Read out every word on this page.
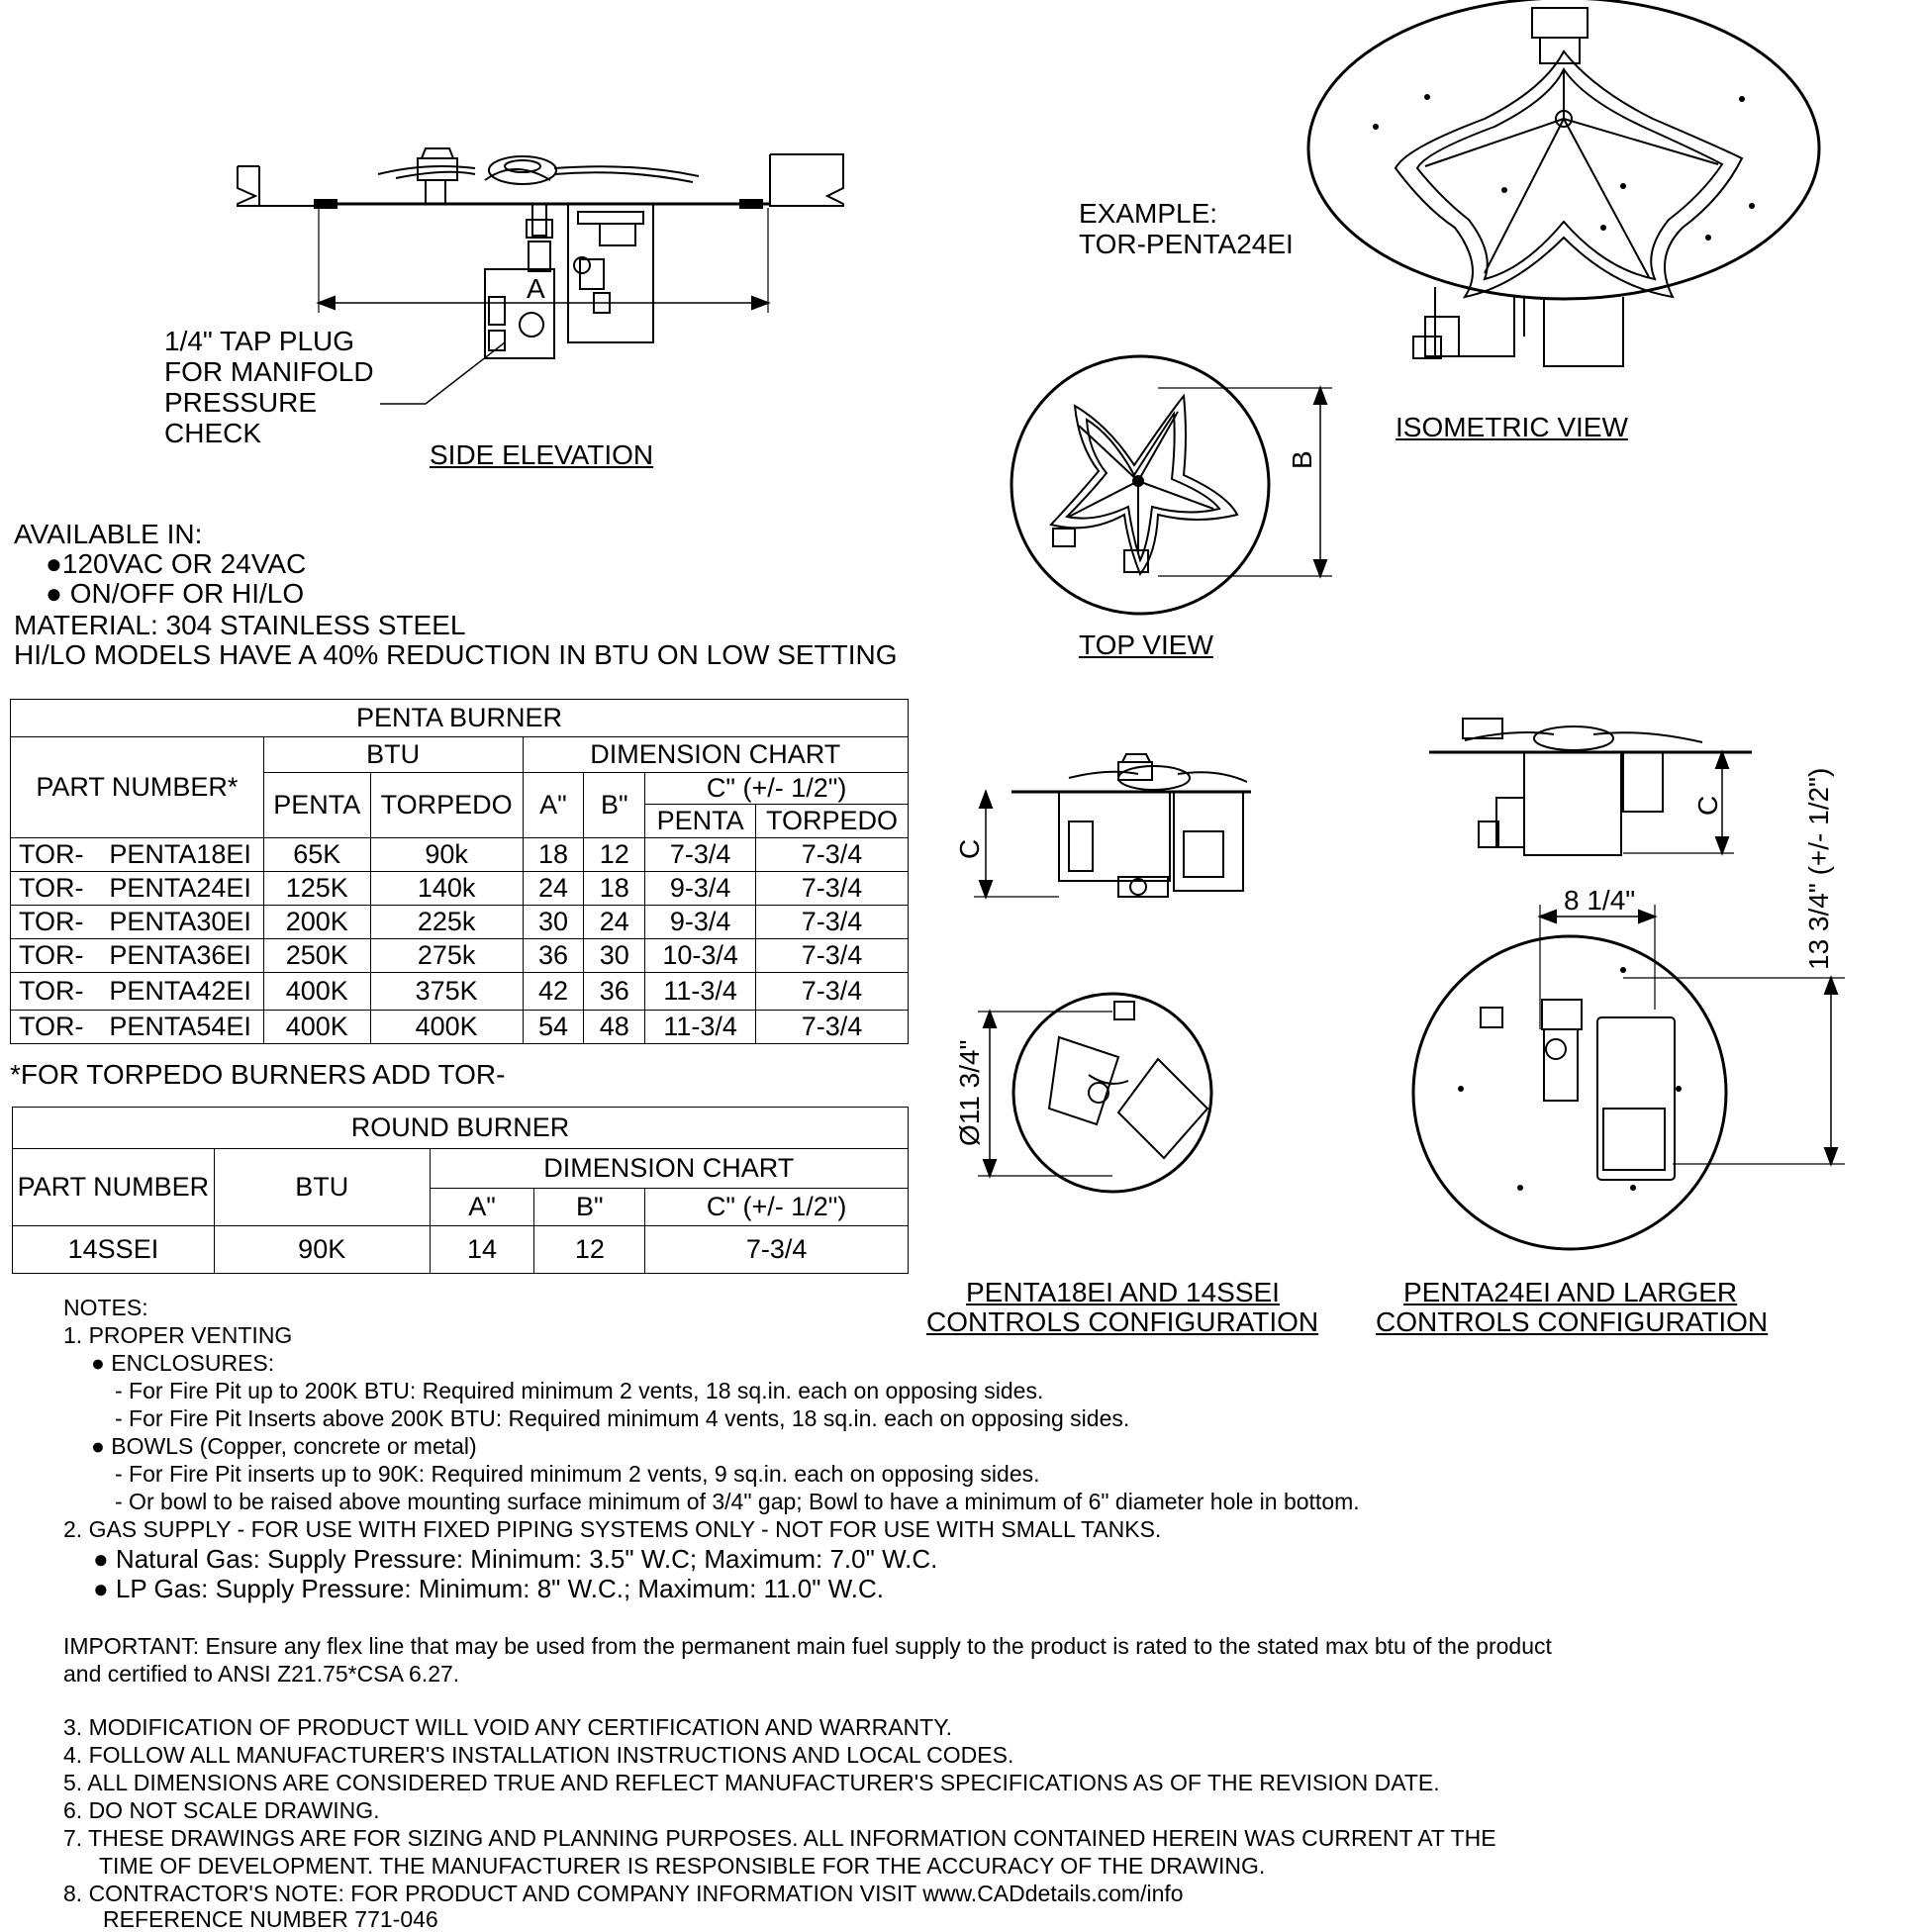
1/4" TAP PLUG
FOR MANIFOLD
PRESSURE
CHECK
A
SIDE ELEVATION
EXAMPLE:
TOR-PENTA24EI
ISOMETRIC VIEW
TOP VIEW
B
C
C
8 1/4"	13 3/4" (+/- 1/2")
Ø11 3/4"
PENTA18EI AND 14SSEI
CONTROLS CONFIGURATION
PENTA24EI AND LARGER
CONTROLS CONFIGURATION
AVAILABLE IN:
●120VAC OR 24VAC
● ON/OFF OR HI/LO
MATERIAL: 304 STAINLESS STEEL
HI/LO MODELS HAVE A 40% REDUCTION IN BTU ON LOW SETTING
PENTA BURNER							
PART NUMBER*		BTU		DIMENSION CHART			
		PENTA	TORPEDO	A"	B"	C" (+/- 1/2")	
						PENTA	TORPEDO
TOR-	PENTA18EI	65K	90k	18	12	7-3/4	7-3/4
TOR-	PENTA24EI	125K	140k	24	18	9-3/4	7-3/4
TOR-	PENTA30EI	200K	225k	30	24	9-3/4	7-3/4
TOR-	PENTA36EI	250K	275k	36	30	10-3/4	7-3/4
TOR-	PENTA42EI	400K	375K	42	36	11-3/4	7-3/4
TOR-	PENTA54EI	400K	400K	54	48	11-3/4	7-3/4
*FOR TORPEDO BURNERS ADD TOR-
ROUND BURNER				
PART NUMBER	BTU	DIMENSION CHART		
		A"	B"	C" (+/- 1/2")
14SSEI	90K	14	12	7-3/4
NOTES:
1. PROPER VENTING
● ENCLOSURES:
- For Fire Pit up to 200K BTU: Required minimum 2 vents, 18 sq.in. each on opposing sides.
- For Fire Pit Inserts above 200K BTU: Required minimum 4 vents, 18 sq.in. each on opposing sides.
● BOWLS (Copper, concrete or metal)
- For Fire Pit inserts up to 90K: Required minimum 2 vents, 9 sq.in. each on opposing sides.
- Or bowl to be raised above mounting surface minimum of 3/4" gap; Bowl to have a minimum of 6" diameter hole in bottom.
2. GAS SUPPLY - FOR USE WITH FIXED PIPING SYSTEMS ONLY - NOT FOR USE WITH SMALL TANKS.
● Natural Gas: Supply Pressure: Minimum: 3.5" W.C; Maximum: 7.0" W.C.
● LP Gas: Supply Pressure: Minimum: 8" W.C.; Maximum: 11.0" W.C.
IMPORTANT: Ensure any flex line that may be used from the permanent main fuel supply to the product is rated to the stated max btu of the product
and certified to ANSI Z21.75*CSA 6.27.
3. MODIFICATION OF PRODUCT WILL VOID ANY CERTIFICATION AND WARRANTY.
4. FOLLOW ALL MANUFACTURER'S INSTALLATION INSTRUCTIONS AND LOCAL CODES.
5. ALL DIMENSIONS ARE CONSIDERED TRUE AND REFLECT MANUFACTURER'S SPECIFICATIONS AS OF THE REVISION DATE.
6. DO NOT SCALE DRAWING.
7. THESE DRAWINGS ARE FOR SIZING AND PLANNING PURPOSES. ALL INFORMATION CONTAINED HEREIN WAS CURRENT AT THE
TIME OF DEVELOPMENT. THE MANUFACTURER IS RESPONSIBLE FOR THE ACCURACY OF THE DRAWING.
8. CONTRACTOR'S NOTE: FOR PRODUCT AND COMPANY INFORMATION VISIT www.CADdetails.com/info
REFERENCE NUMBER 771-046
